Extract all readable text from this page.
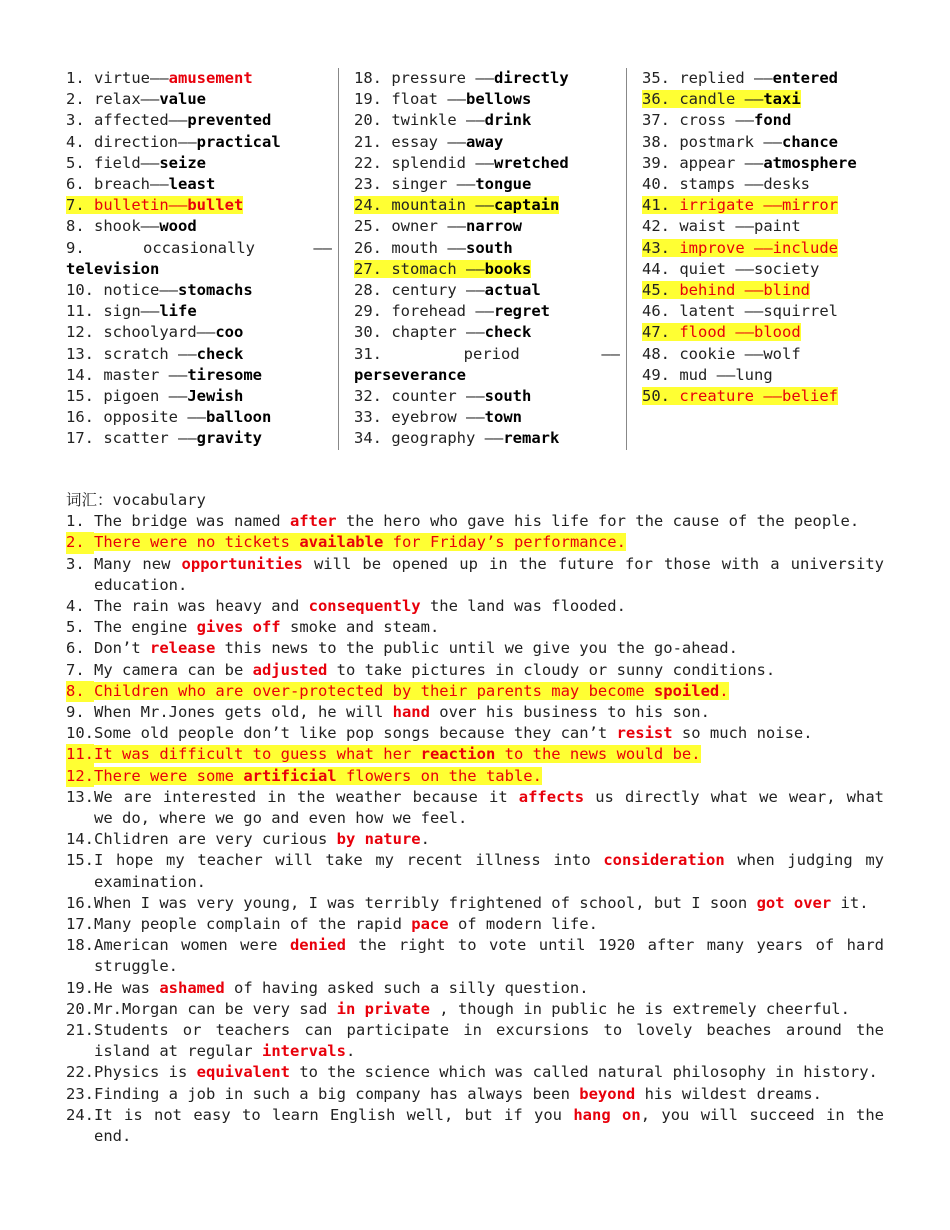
1. virtue——amusement
2. relax——value
3. affected——prevented
4. direction——practical
5. field——seize
6. breach——least
7. bulletin——bullet
8. shook——wood
9.	occasionally	——
television
10. notice——stomachs
11. sign——life
12. schoolyard——coo
13. scratch ——check
14. master ——tiresome
15. pigoen ——Jewish
16. opposite ——balloon
17. scatter ——gravity
18. pressure ——directly
19. float ——bellows
20. twinkle ——drink
21. essay ——away
22. splendid ——wretched
23. singer ——tongue
24. mountain ——captain
25. owner ——narrow
26. mouth ——south
27. stomach ——books
28. century ——actual
29. forehead ——regret
30. chapter ——check
31.	period	——
perseverance
32. counter ——south
33. eyebrow ——town
34. geography ——remark
35. replied ——entered
36. candle ——taxi
37. cross ——fond
38. postmark ——chance
39. appear ——atmosphere
40. stamps ——desks
41. irrigate ——mirror
42. waist ——paint
43. improve ——include
44. quiet ——society
45. behind ——blind
46. latent ——squirrel
47. flood ——blood
48. cookie ——wolf
49. mud ——lung
50. creature ——belief
词汇：vocabulary
1. The bridge was named after the hero who gave his life for the cause of the people.
2. There were no tickets available for Friday’s performance.
3. Many new opportunities will be opened up in the future for those with a university education.
4. The rain was heavy and consequently the land was flooded.
5. The engine gives off smoke and steam.
6. Don’t release this news to the public until we give you the go-ahead.
7. My camera can be adjusted to take pictures in cloudy or sunny conditions.
8. Children who are over-protected by their parents may become spoiled.
9. When Mr.Jones gets old, he will hand over his business to his son.
10. Some old people don’t like pop songs because they can’t resist so much noise.
11. It was difficult to guess what her reaction to the news would be.
12. There were some artificial flowers on the table.
13. We are interested in the weather because it affects us directly what we wear, what we do, where we go and even how we feel.
14. Chlidren are very curious by nature.
15. I hope my teacher will take my recent illness into consideration when judging my examination.
16. When I was very young, I was terribly frightened of school, but I soon got over it.
17. Many people complain of the rapid pace of modern life.
18. American women were denied the right to vote until 1920 after many years of hard struggle.
19. He was ashamed of having asked such a silly question.
20. Mr.Morgan can be very sad in private , though in public he is extremely cheerful.
21. Students or teachers can participate in excursions to lovely beaches around the island at regular intervals.
22. Physics is equivalent to the science which was called natural philosophy in history.
23. Finding a job in such a big company has always been beyond his wildest dreams.
24. It is not easy to learn English well, but if you hang on, you will succeed in the end.
